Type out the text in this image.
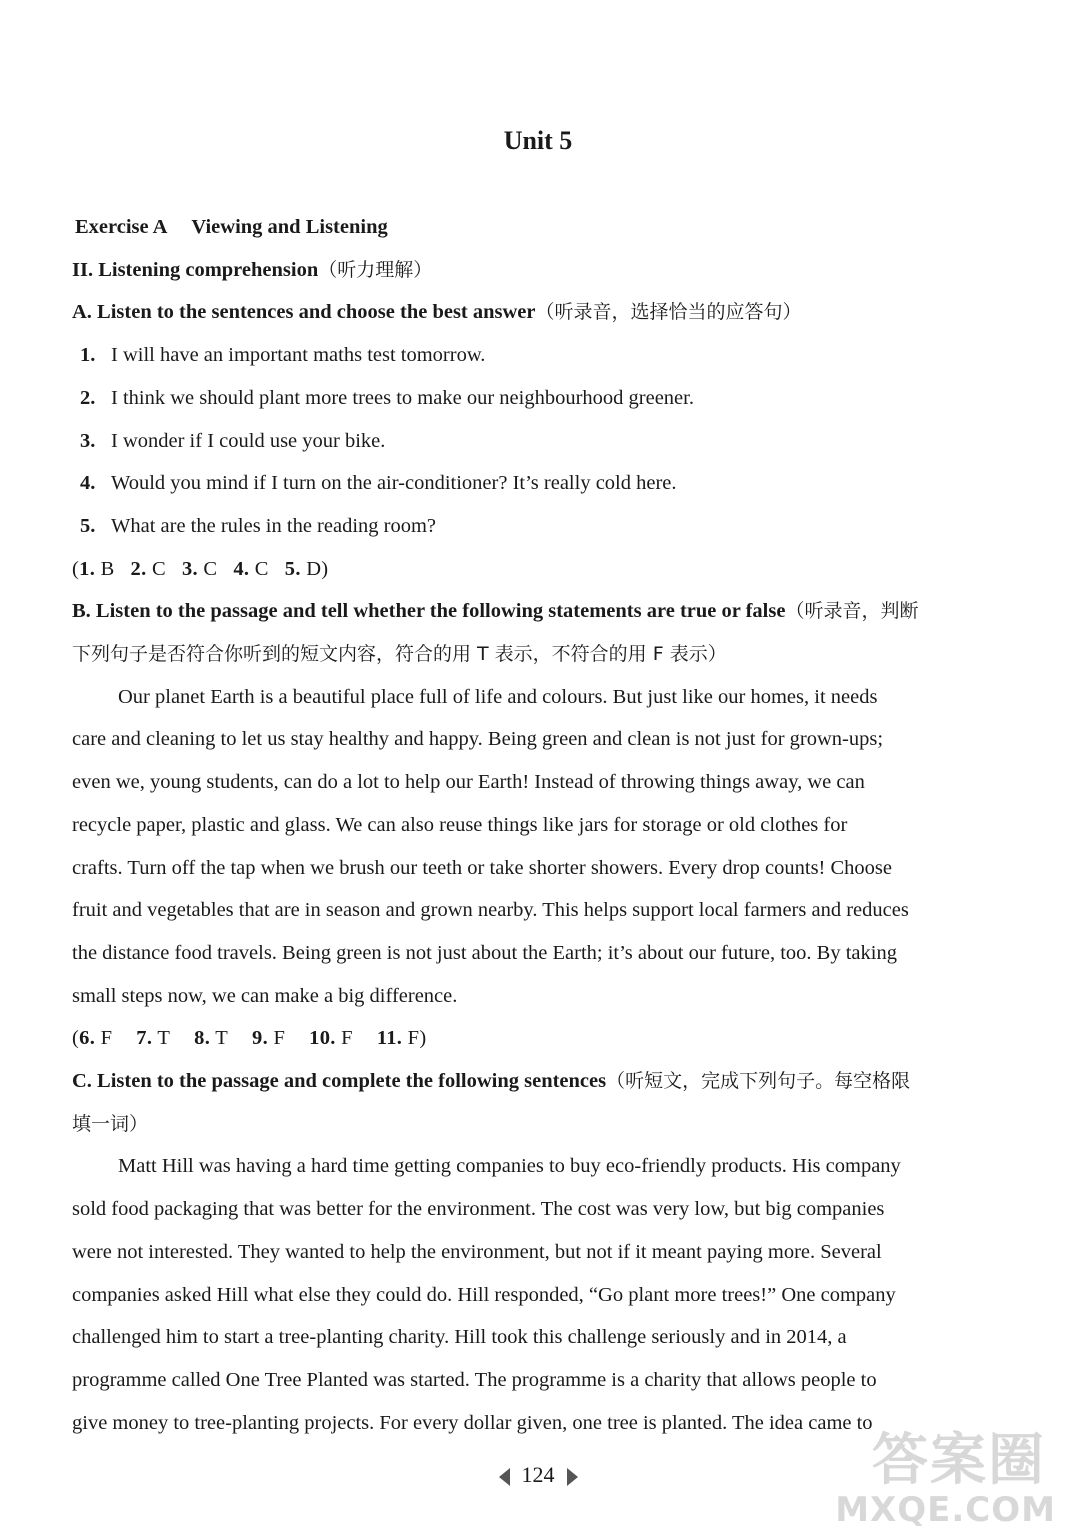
Unit 5

Exercise A Viewing and Listening

II. Listening comprehension（听力理解）

A. Listen to the sentences and choose the best answer（听录音，选择恰当的应答句）

1. I will have an important maths test tomorrow.

2. I think we should plant more trees to make our neighbourhood greener.

3. I wonder if I could use your bike.

4. Would you mind if I turn on the air-conditioner? It’s really cold here.

5. What are the rules in the reading room?

(1. B 2. C 3. C 4. C 5. D)

B. Listen to the passage and tell whether the following statements are true or false（听录音，判断

下列句子是否符合你听到的短文内容，符合的用 T 表示，不符合的用 F 表示）

Our planet Earth is a beautiful place full of life and colours. But just like our homes, it needs

care and cleaning to let us stay healthy and happy. Being green and clean is not just for grown-ups;

even we, young students, can do a lot to help our Earth! Instead of throwing things away, we can

recycle paper, plastic and glass. We can also reuse things like jars for storage or old clothes for

crafts. Turn off the tap when we brush our teeth or take shorter showers. Every drop counts! Choose

fruit and vegetables that are in season and grown nearby. This helps support local farmers and reduces

the distance food travels. Being green is not just about the Earth; it’s about our future, too. By taking

small steps now, we can make a big difference.

(6. F 7. T 8. T 9. F 10. F 11. F)

C. Listen to the passage and complete the following sentences（听短文，完成下列句子。每空格限

填一词）

Matt Hill was having a hard time getting companies to buy eco-friendly products. His company

sold food packaging that was better for the environment. The cost was very low, but big companies

were not interested. They wanted to help the environment, but not if it meant paying more. Several

companies asked Hill what else they could do. Hill responded, “Go plant more trees!” One company

challenged him to start a tree-planting charity. Hill took this challenge seriously and in 2014, a

programme called One Tree Planted was started. The programme is a charity that allows people to

give money to tree-planting projects. For every dollar given, one tree is planted. The idea came to

124	答案圈
MXQE.COM
